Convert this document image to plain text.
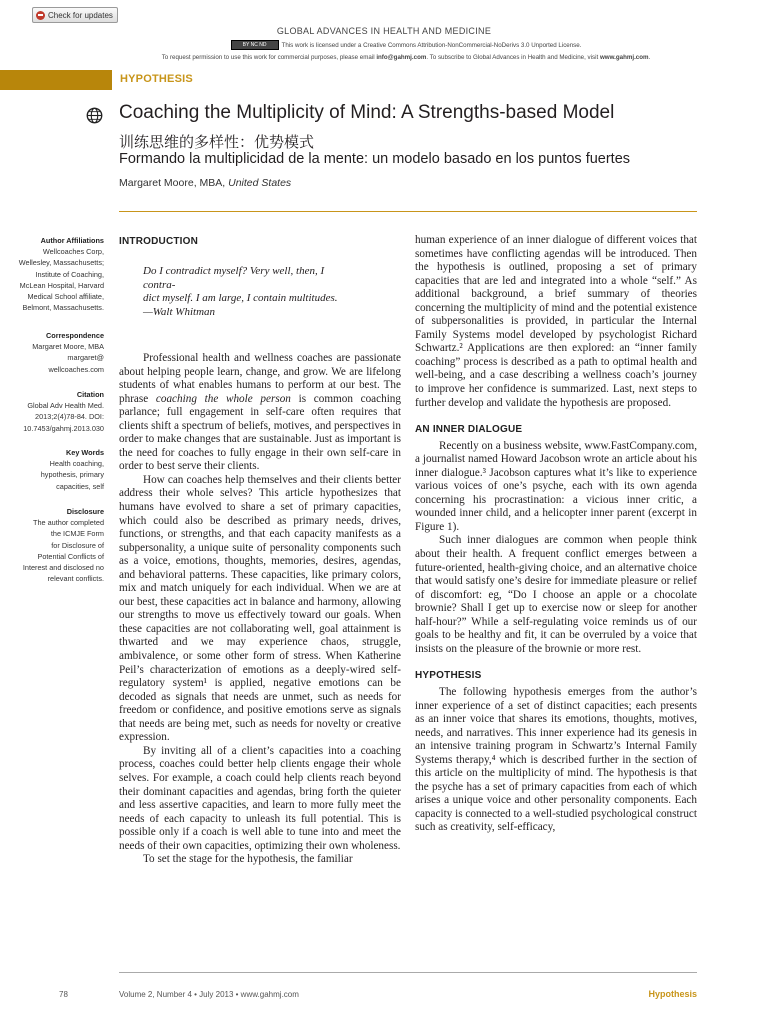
Check for updates
GLOBAL ADVANCES IN HEALTH AND MEDICINE
BY NC ND This work is licensed under a Creative Commons Attribution-NonCommercial-NoDerivs 3.0 Unported License.
To request permission to use this work for commercial purposes, please email info@gahmj.com. To subscribe to Global Advances in Health and Medicine, visit www.gahmj.com.
HYPOTHESIS
Coaching the Multiplicity of Mind: A Strengths-based Model
训练思维的多样性：优势模式
Formando la multiplicidad de la mente: un modelo basado en los puntos fuertes
Margaret Moore, MBA, United States
Author Affiliations
Wellcoaches Corp,
Wellesley, Massachusetts;
Institute of Coaching,
McLean Hospital, Harvard
Medical School affiliate,
Belmont, Massachusetts.
Correspondence
Margaret Moore, MBA
margaret@
wellcoaches.com
Citation
Global Adv Health Med.
2013;2(4)78-84. DOI:
10.7453/gahmj.2013.030
Key Words
Health coaching,
hypothesis, primary
capacities, self
Disclosure
The author completed
the ICMJE Form
for Disclosure of
Potential Conflicts of
Interest and disclosed no
relevant conflicts.
INTRODUCTION
Do I contradict myself? Very well, then, I contra-
dict myself. I am large, I contain multitudes.
—Walt Whitman

Professional health and wellness coaches are passionate about helping people learn, change, and grow. We are lifelong students of what enables humans to perform at our best. The phrase coaching the whole person is common coaching parlance; full engagement in self-care often requires that clients shift a spectrum of beliefs, motives, and perspectives in order to make changes that are sustainable. Just as important is the need for coaches to fully engage in their own self-care in order to best serve their clients.

How can coaches help themselves and their clients better address their whole selves? This article hypothesizes that humans have evolved to share a set of primary capacities, which could also be described as primary needs, drives, functions, or strengths, and that each capacity manifests as a subpersonality, a unique suite of personality components such as a voice, emotions, thoughts, memories, desires, agendas, and behavioral patterns. These capacities, like primary colors, mix and match uniquely for each individual. When we are at our best, these capacities act in balance and harmony, allowing our strengths to move us effectively toward our goals. When these capacities are not collaborating well, goal attainment is thwarted and we may experience chaos, struggle, ambivalence, or some other form of stress. When Katherine Peil’s characterization of emotions as a deeply-wired self-regulatory system¹ is applied, negative emotions can be decoded as signals that needs are unmet, such as needs for freedom or confidence, and positive emotions serve as signals that needs are being met, such as needs for novelty or creative expression.

By inviting all of a client’s capacities into a coaching process, coaches could better help clients engage their whole selves. For example, a coach could help clients reach beyond their dominant capacities and agendas, bring forth the quieter and less assertive capacities, and learn to more fully meet the needs of each capacity to unleash its full potential. This is possible only if a coach is well able to tune into and meet the needs of their own capacities, optimizing their own wholeness.

To set the stage for the hypothesis, the familiar

human experience of an inner dialogue of different voices that sometimes have conflicting agendas will be introduced. Then the hypothesis is outlined, proposing a set of primary capacities that are led and integrated into a whole “self.” As additional background, a brief summary of theories concerning the multiplicity of mind and the potential existence of subpersonalities is provided, in particular the Internal Family Systems model developed by psychologist Richard Schwartz.² Applications are then explored: an “inner family coaching” process is described as a path to optimal health and well-being, and a case describing a wellness coach’s journey to improve her confidence is summarized. Last, next steps to further develop and validate the hypothesis are proposed.

AN INNER DIALOGUE

Recently on a business website, www.FastCompany.com, a journalist named Howard Jacobson wrote an article about his inner dialogue.³ Jacobson captures what it’s like to experience various voices of one’s psyche, each with its own agenda concerning his procrastination: a vicious inner critic, a wounded inner child, and a helicopter inner parent (excerpt in Figure 1).

Such inner dialogues are common when people think about their health. A frequent conflict emerges between a future-oriented, health-giving choice, and an alternative choice that would satisfy one’s desire for immediate pleasure or relief of discomfort: eg, “Do I choose an apple or a chocolate brownie? Shall I get up to exercise now or sleep for another half-hour?” While a self-regulating voice reminds us of our goals to be healthy and fit, it can be overruled by a voice that insists on the pleasure of the brownie or more rest.

HYPOTHESIS

The following hypothesis emerges from the author’s inner experience of a set of distinct capacities; each presents as an inner voice that shares its emotions, thoughts, motives, needs, and narratives. This inner experience had its genesis in an intensive training program in Schwartz’s Internal Family Systems therapy,⁴ which is described further in the section of this article on the multiplicity of mind. The hypothesis is that the psyche has a set of primary capacities from each of which arises a unique voice and other personality components. Each capacity is connected to a well-studied psychological construct such as creativity, self-efficacy,

78	Volume 2, Number 4 • July 2013 • www.gahmj.com	Hypothesis
